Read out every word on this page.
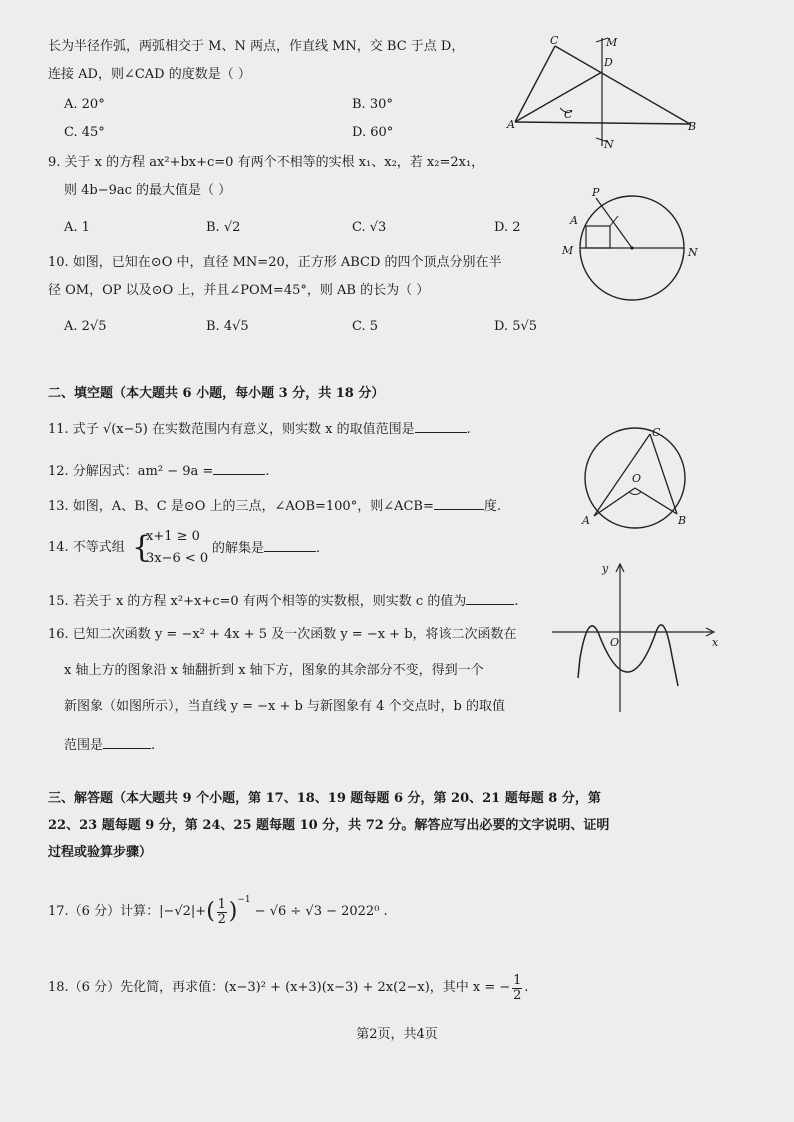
长为半径作弧，两弧相交于 M、N 两点，作直线 MN，交 BC 于点 D，
连接 AD，则∠CAD 的度数是（ ）
A. 20°	B. 30°
C. 45°	D. 60°
C	M
D
A
C
B
N
9. 关于 x 的方程 ax²+bx+c=0 有两个不相等的实根 x₁、x₂，若 x₂=2x₁，
则 4b−9ac 的最大值是（ ）
A. 1	B. √2	C. √3	D. 2
P
A
M	N
10. 如图，已知在⊙O 中，直径 MN=20，正方形 ABCD 的四个顶点分别在半
径 OM，OP 以及⊙O 上，并且∠POM=45°，则 AB 的长为（ ）
A. 2√5	B. 4√5	C. 5	D. 5√5
二、填空题（本大题共 6 小题，每小题 3 分，共 18 分）
11. 式子 √(x−5) 在实数范围内有意义，则实数 x 的取值范围是	.	C
O
A	B
12. 分解因式：am² − 9a =	.
13. 如图，A、B、C 是⊙O 上的三点，∠AOB=100°，则∠ACB=	度.
14. 不等式组 {
x+1 ≥ 0
3x−6 < 0
的解集是	.
y
O	x
15. 若关于 x 的方程 x²+x+c=0 有两个相等的实数根，则实数 c 的值为	.
16. 已知二次函数 y = −x² + 4x + 5 及一次函数 y = −x + b，将该二次函数在
x 轴上方的图象沿 x 轴翻折到 x 轴下方，图象的其余部分不变，得到一个
新图象（如图所示），当直线 y = −x + b 与新图象有 4 个交点时，b 的取值
范围是	.
三、解答题（本大题共 9 个小题，第 17、18、19 题每题 6 分，第 20、21 题每题 8 分，第
22、23 题每题 9 分，第 24、25 题每题 10 分，共 72 分。解答应写出必要的文字说明、证明
过程或验算步骤）
17.（6 分）计算： |−√2| + ( 1
2 ) −1
− √6 ÷ √3 − 2022⁰ .
18.（6 分）先化简，再求值：(x−3)² + (x+3)(x−3) + 2x(2−x)，其中 x = − 1
2 .
第2页，共4页
